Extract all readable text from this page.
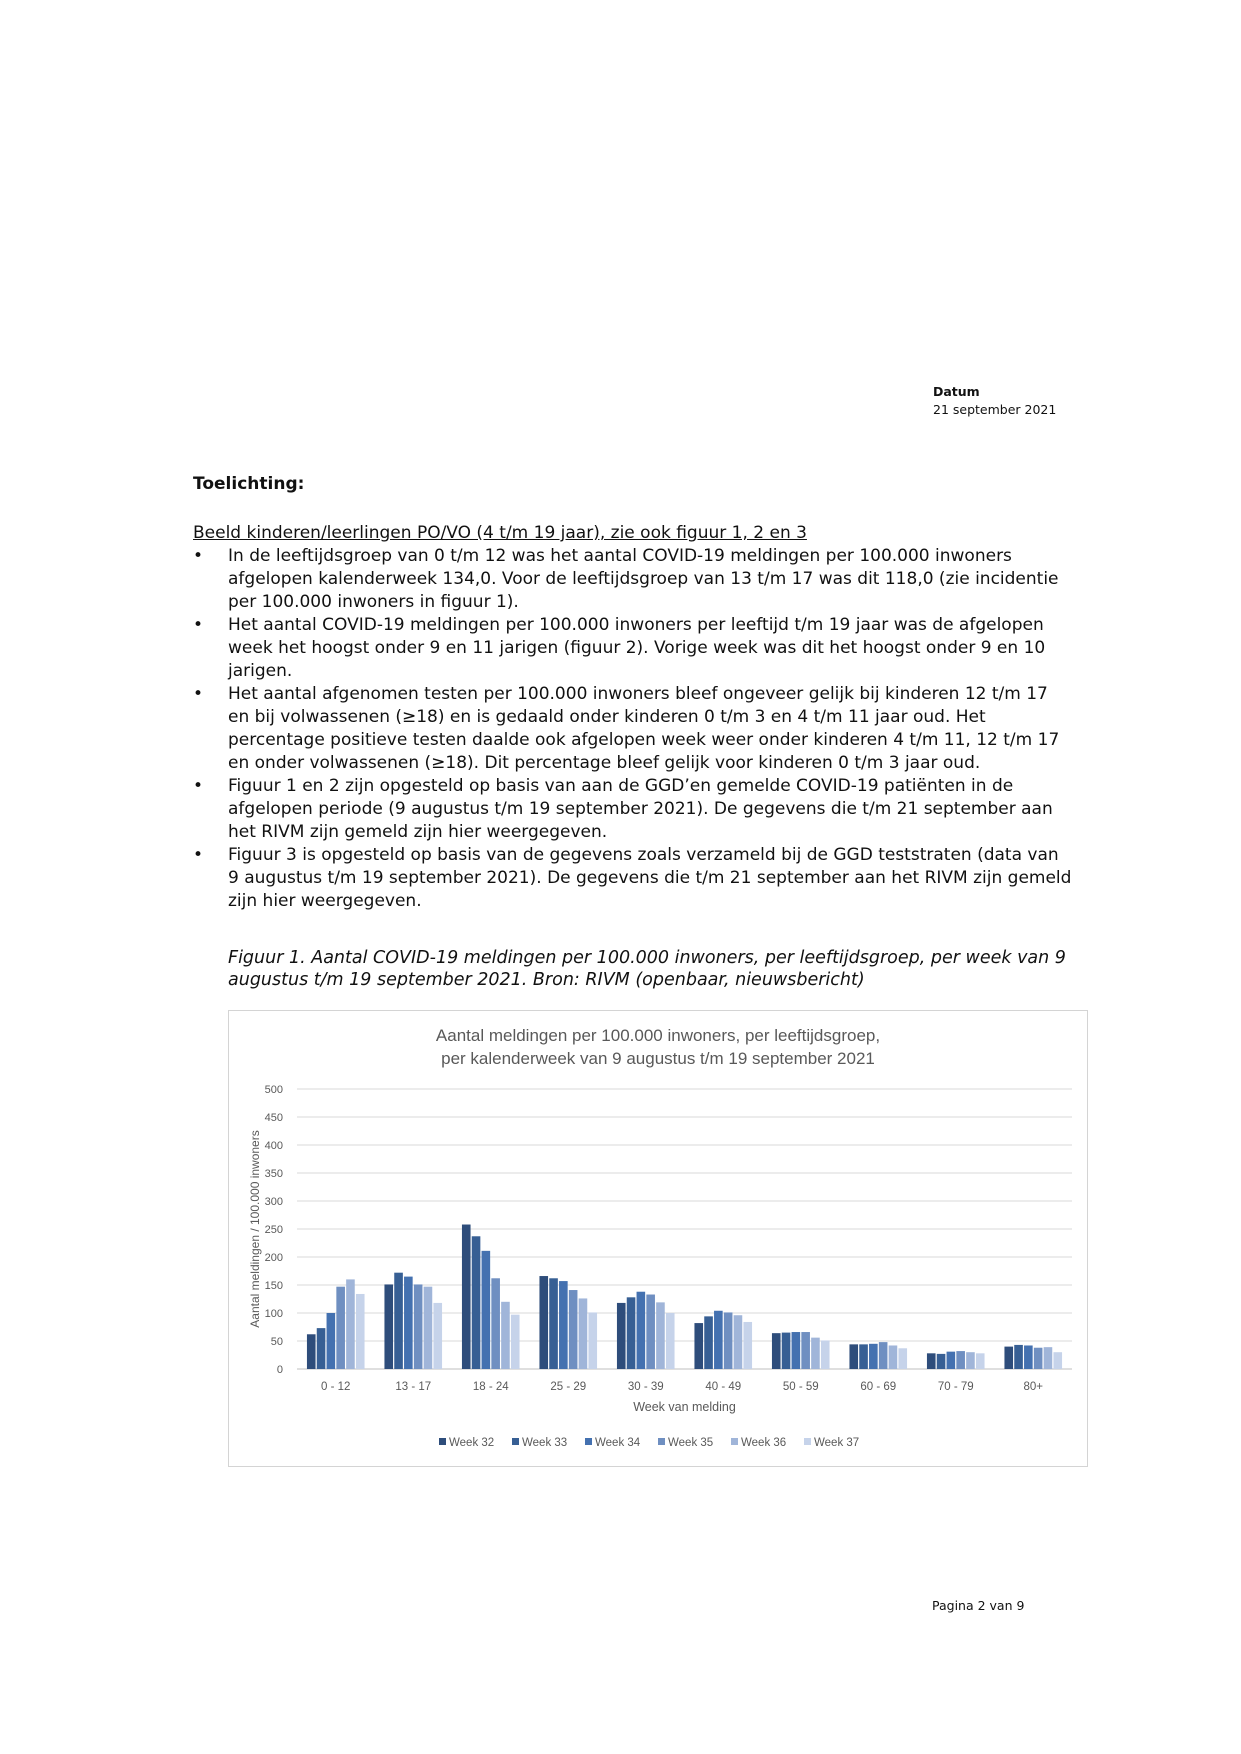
Datum
21 september 2021
Toelichting:

Beeld kinderen/leerlingen PO/VO (4 t/m 19 jaar), zie ook figuur 1, 2 en 3

• In de leeftijdsgroep van 0 t/m 12 was het aantal COVID-19 meldingen per 100.000 inwoners afgelopen kalenderweek 134,0. Voor de leeftijdsgroep van 13 t/m 17 was dit 118,0 (zie incidentie per 100.000 inwoners in figuur 1).
• Het aantal COVID-19 meldingen per 100.000 inwoners per leeftijd t/m 19 jaar was de afgelopen week het hoogst onder 9 en 11 jarigen (figuur 2). Vorige week was dit het hoogst onder 9 en 10 jarigen.
• Het aantal afgenomen testen per 100.000 inwoners bleef ongeveer gelijk bij kinderen 12 t/m 17 en bij volwassenen (≥18) en is gedaald onder kinderen 0 t/m 3 en 4 t/m 11 jaar oud. Het percentage positieve testen daalde ook afgelopen week weer onder kinderen 4 t/m 11, 12 t/m 17 en onder volwassenen (≥18). Dit percentage bleef gelijk voor kinderen 0 t/m 3 jaar oud.
• Figuur 1 en 2 zijn opgesteld op basis van aan de GGD’en gemelde COVID-19 patiënten in de afgelopen periode (9 augustus t/m 19 september 2021). De gegevens die t/m 21 september aan het RIVM zijn gemeld zijn hier weergegeven.
• Figuur 3 is opgesteld op basis van de gegevens zoals verzameld bij de GGD teststraten (data van 9 augustus t/m 19 september 2021). De gegevens die t/m 21 september aan het RIVM zijn gemeld zijn hier weergegeven.

Figuur 1. Aantal COVID-19 meldingen per 100.000 inwoners, per leeftijdsgroep, per week van 9 augustus t/m 19 september 2021. Bron: RIVM (openbaar, nieuwsbericht)

Aantal meldingen per 100.000 inwoners, per leeftijdsgroep,
per kalenderweek van 9 augustus t/m 19 september 2021
0
50
100
150
200
250
300
350
400
450
500
Aantal meldingen / 100.000 inwoners
0 - 12	13 - 17	18 - 24	25 - 29	30 - 39	40 - 49	50 - 59	60 - 69	70 - 79	80+
Week van melding
Week 32 Week 33 Week 34 Week 35 Week 36 Week 37
Pagina 2 van 9
